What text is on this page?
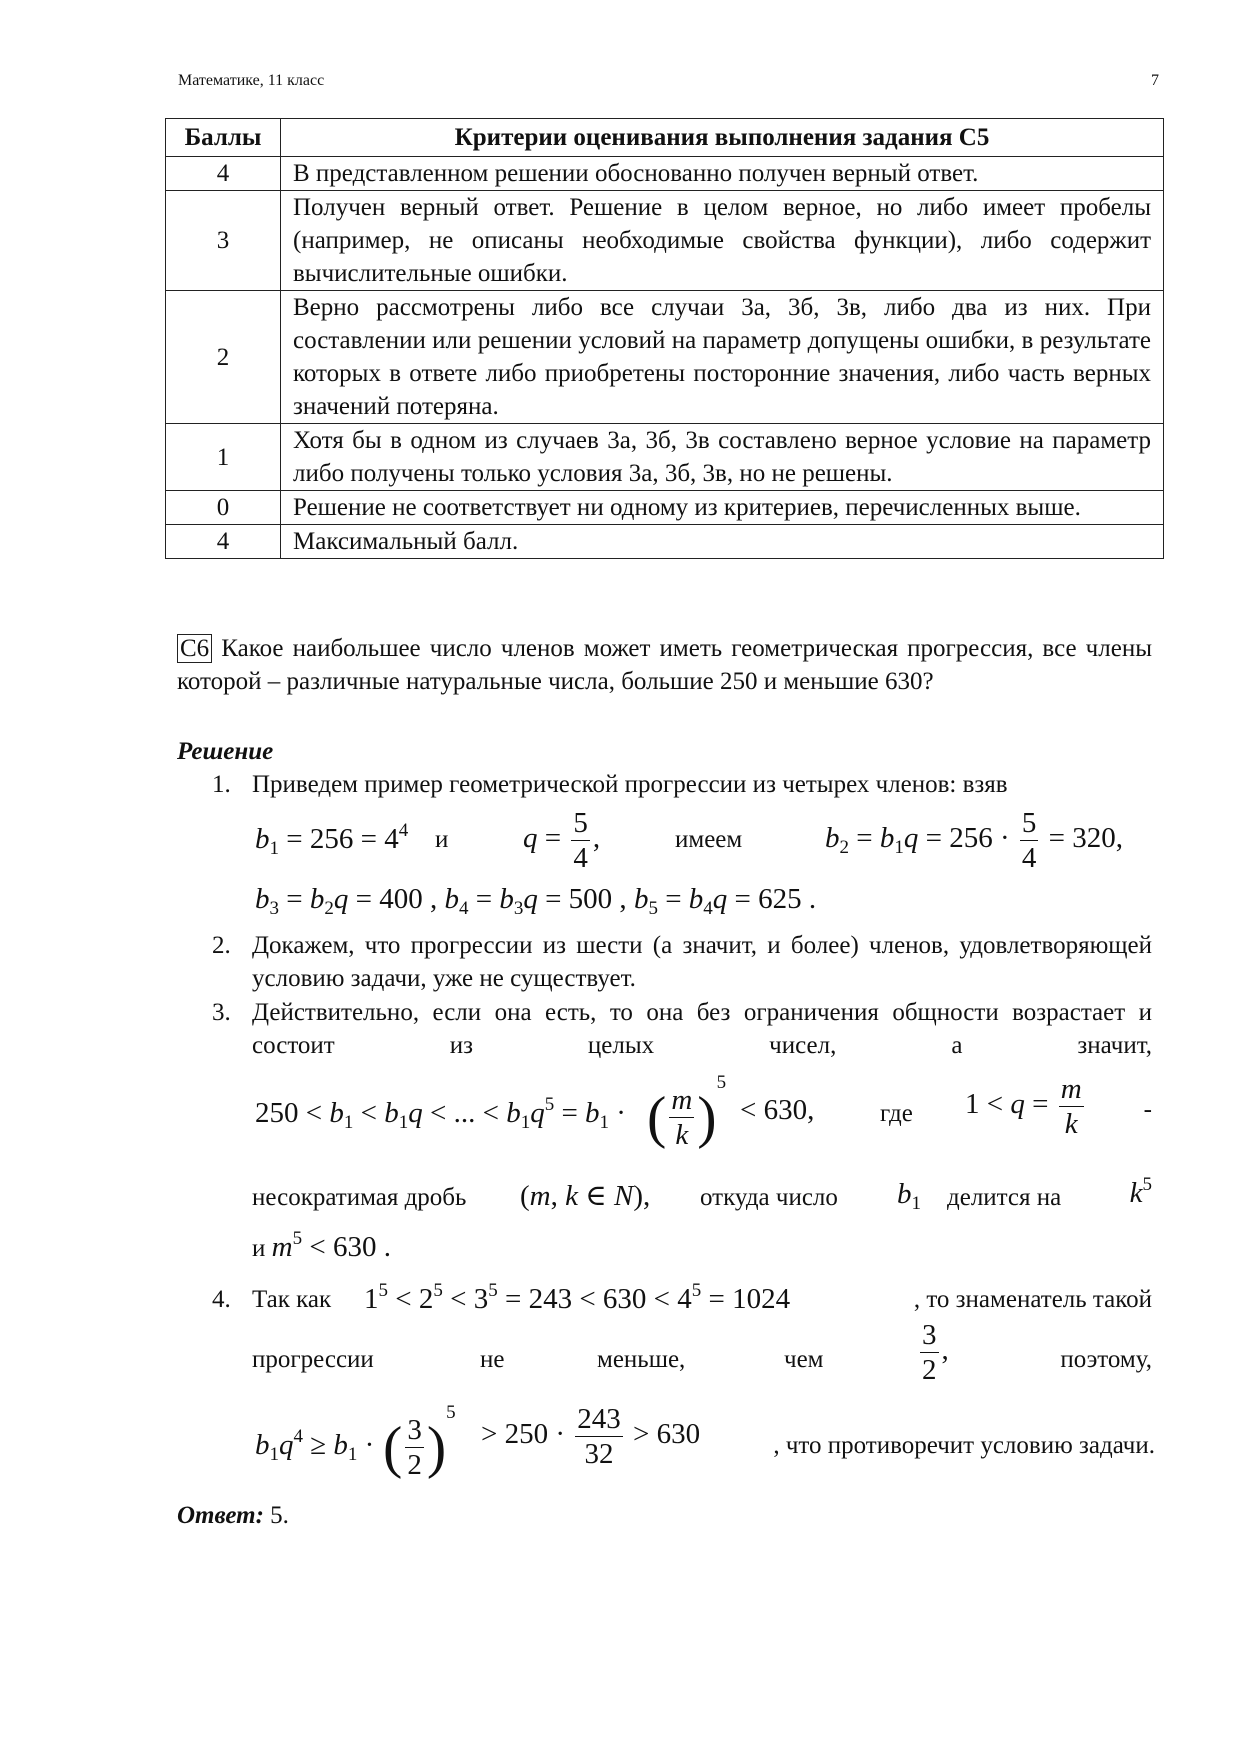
Математике, 11 класс	7
Баллы	Критерии оценивания выполнения задания С5
4	В представленном решении обоснованно получен верный ответ.
3	Получен верный ответ. Решение в целом верное, но либо имеет пробелы (например, не описаны необходимые свойства функции), либо содержит вычислительные ошибки.
2	Верно рассмотрены либо все случаи 3а, 3б, 3в, либо два из них. При составлении или решении условий на параметр допущены ошибки, в результате которых в ответе либо приобретены посторонние значения, либо часть верных значений потеряна.
1	Хотя бы в одном из случаев 3а, 3б, 3в составлено верное условие на параметр либо получены только условия 3а, 3б, 3в, но не решены.
0	Решение не соответствует ни одному из критериев, перечисленных выше.
4	Максимальный балл.
С6 Какое наибольшее число членов может иметь геометрическая прогрессия, все члены которой – различные натуральные числа, большие 250 и меньшие 630?
Решение
1. Приведем пример геометрической прогрессии из четырех членов: взяв
$b_1 = 256 = 4^4$ и	$q = \frac{5}{4}$ ,	имеем	$b_2 = b_1q = 256 \cdot \frac{5}{4} = 320$,
$b_3 = b_2q = 400$ , $b_4 = b_3q = 500$ , $b_5 = b_4q = 625$ .
2. Докажем, что прогрессии из шести (а значит, и более) членов, удовлетворяющей условию задачи, уже не существует.
3. Действительно, если она есть, то она без ограничения общности возрастает и состоит из целых чисел, а значит,
$250 < b_1 < b_1q$ < ... < $b_1q^5 = b_1$ · ( $\frac{m}{k} )^5$
< 630,	где $1 < q = \frac{m}{k}$ -
несократимая дробь (m, k ∈ N), откуда число $b_1$ делится на $k^5$
и $m^5 < 630$ .
4. Так как $1^5 < 2^5 < 3^5 = 243 < 630 < 4^5 = 1024$	, то знаменатель такой
прогрессии	не	меньше,	чем	$\frac{3}{2}$ ,	поэтому,
$b_1q^4 \ge b_1$ · ( $\frac{3}{2} )^5$
> $250 \cdot \frac{243}{32} > 630$	, что противоречит условию задачи.
Ответ: 5.
